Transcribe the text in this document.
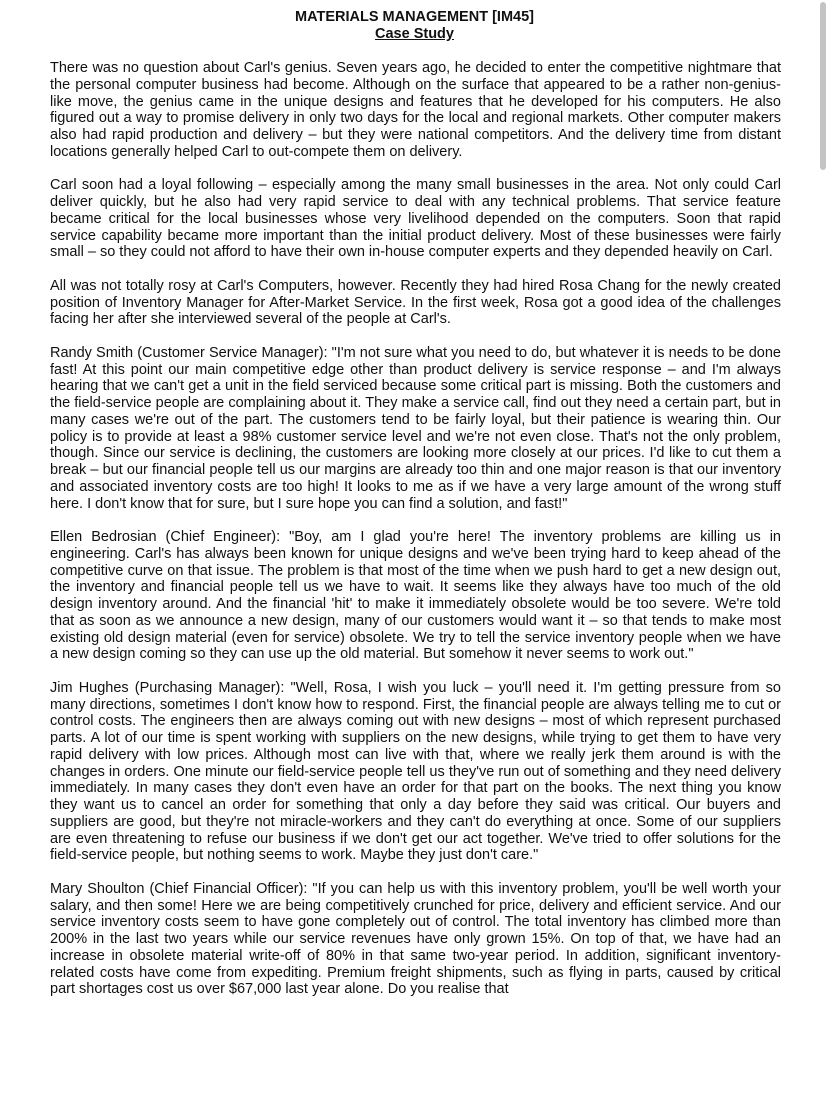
MATERIALS MANAGEMENT [IM45]
Case Study

There was no question about Carl's genius. Seven years ago, he decided to enter the competitive nightmare that the personal computer business had become. Although on the surface that appeared to be a rather non-genius-like move, the genius came in the unique designs and features that he developed for his computers. He also figured out a way to promise delivery in only two days for the local and regional markets. Other computer makers also had rapid production and delivery – but they were national competitors. And the delivery time from distant locations generally helped Carl to out-compete them on delivery.

Carl soon had a loyal following – especially among the many small businesses in the area. Not only could Carl deliver quickly, but he also had very rapid service to deal with any technical problems. That service feature became critical for the local businesses whose very livelihood depended on the computers. Soon that rapid service capability became more important than the initial product delivery. Most of these businesses were fairly small – so they could not afford to have their own in-house computer experts and they depended heavily on Carl.

All was not totally rosy at Carl's Computers, however. Recently they had hired Rosa Chang for the newly created position of Inventory Manager for After-Market Service. In the first week, Rosa got a good idea of the challenges facing her after she interviewed several of the people at Carl's.

Randy Smith (Customer Service Manager): "I'm not sure what you need to do, but whatever it is needs to be done fast! At this point our main competitive edge other than product delivery is service response – and I'm always hearing that we can't get a unit in the field serviced because some critical part is missing. Both the customers and the field-service people are complaining about it. They make a service call, find out they need a certain part, but in many cases we're out of the part. The customers tend to be fairly loyal, but their patience is wearing thin. Our policy is to provide at least a 98% customer service level and we're not even close. That's not the only problem, though. Since our service is declining, the customers are looking more closely at our prices. I'd like to cut them a break – but our financial people tell us our margins are already too thin and one major reason is that our inventory and associated inventory costs are too high! It looks to me as if we have a very large amount of the wrong stuff here. I don't know that for sure, but I sure hope you can find a solution, and fast!"

Ellen Bedrosian (Chief Engineer): "Boy, am I glad you're here! The inventory problems are killing us in engineering. Carl's has always been known for unique designs and we've been trying hard to keep ahead of the competitive curve on that issue. The problem is that most of the time when we push hard to get a new design out, the inventory and financial people tell us we have to wait. It seems like they always have too much of the old design inventory around. And the financial 'hit' to make it immediately obsolete would be too severe. We're told that as soon as we announce a new design, many of our customers would want it – so that tends to make most existing old design material (even for service) obsolete. We try to tell the service inventory people when we have a new design coming so they can use up the old material. But somehow it never seems to work out."

Jim Hughes (Purchasing Manager): "Well, Rosa, I wish you luck – you'll need it. I'm getting pressure from so many directions, sometimes I don't know how to respond. First, the financial people are always telling me to cut or control costs. The engineers then are always coming out with new designs – most of which represent purchased parts. A lot of our time is spent working with suppliers on the new designs, while trying to get them to have very rapid delivery with low prices. Although most can live with that, where we really jerk them around is with the changes in orders. One minute our field-service people tell us they've run out of something and they need delivery immediately. In many cases they don't even have an order for that part on the books. The next thing you know they want us to cancel an order for something that only a day before they said was critical. Our buyers and suppliers are good, but they're not miracle-workers and they can't do everything at once. Some of our suppliers are even threatening to refuse our business if we don't get our act together. We've tried to offer solutions for the field-service people, but nothing seems to work. Maybe they just don't care."

Mary Shoulton (Chief Financial Officer): "If you can help us with this inventory problem, you'll be well worth your salary, and then some! Here we are being competitively crunched for price, delivery and efficient service. And our service inventory costs seem to have gone completely out of control. The total inventory has climbed more than 200% in the last two years while our service revenues have only grown 15%. On top of that, we have had an increase in obsolete material write-off of 80% in that same two-year period. In addition, significant inventory-related costs have come from expediting. Premium freight shipments, such as flying in parts, caused by critical part shortages cost us over $67,000 last year alone. Do you realise that
